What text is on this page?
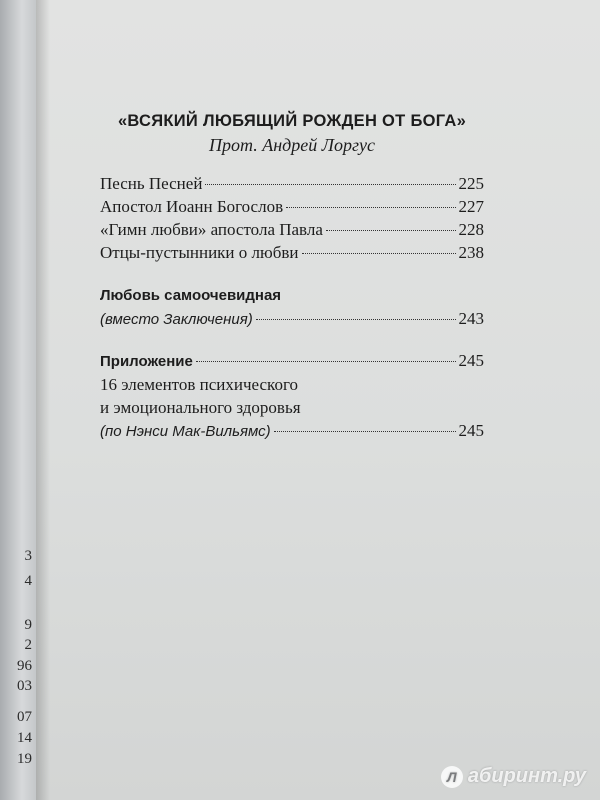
3
4
9
2
96
03
07
14
19

«ВСЯКИЙ ЛЮБЯЩИЙ РОЖДЕН ОТ БОГА»

Прот. Андрей Лоргус

Песнь Песней	225
Апостол Иоанн Богослов	227
«Гимн любви» апостола Павла	228
Отцы-пустынники о любви	238
Любовь самоочевидная
(вместо Заключения)	243
Приложение	245
16 элементов психического
и эмоционального здоровья
(по Нэнси Мак-Вильямс)	245
Л абиринт.ру
